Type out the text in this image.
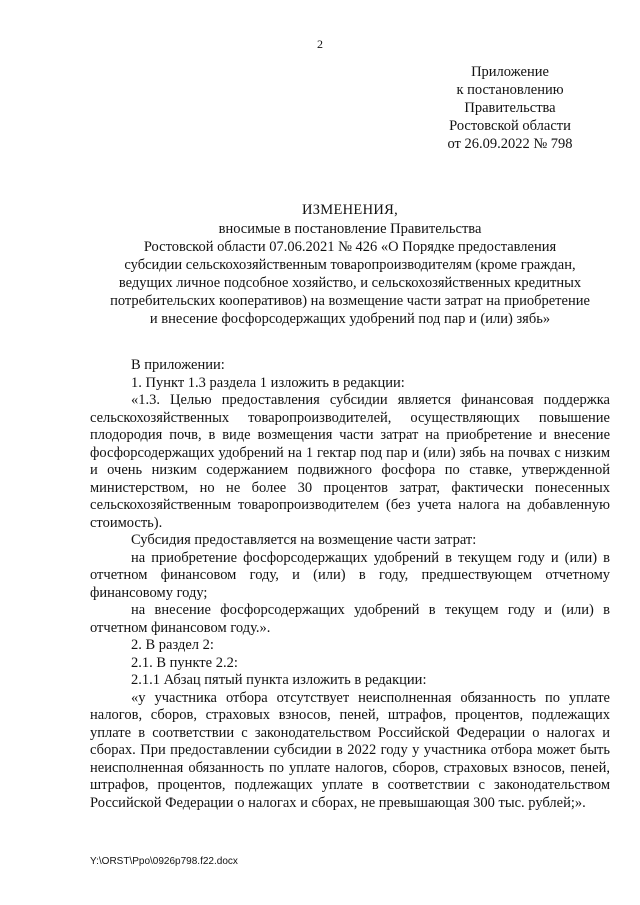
2
Приложение
к постановлению
Правительства
Ростовской области
от 26.09.2022 № 798
ИЗМЕНЕНИЯ,
вносимые в постановление Правительства
Ростовской области 07.06.2021 № 426 «О Порядке предоставления
субсидии сельскохозяйственным товаропроизводителям (кроме граждан,
ведущих личное подсобное хозяйство, и сельскохозяйственных кредитных
потребительских кооперативов) на возмещение части затрат на приобретение
и внесение фосфорсодержащих удобрений под пар и (или) зябь»

В приложении:

1. Пункт 1.3 раздела 1 изложить в редакции:

«1.3. Целью предоставления субсидии является финансовая поддержка сельскохозяйственных товаропроизводителей, осуществляющих повышение плодородия почв, в виде возмещения части затрат на приобретение и внесение фосфорсодержащих удобрений на 1 гектар под пар и (или) зябь на почвах с низким и очень низким содержанием подвижного фосфора по ставке, утвержденной министерством, но не более 30 процентов затрат, фактически понесенных сельскохозяйственным товаропроизводителем (без учета налога на добавленную стоимость).

Субсидия предоставляется на возмещение части затрат:

на приобретение фосфорсодержащих удобрений в текущем году и (или) в отчетном финансовом году, и (или) в году, предшествующем отчетному финансовому году;

на внесение фосфорсодержащих удобрений в текущем году и (или) в отчетном финансовом году.».

2. В раздел 2:

2.1. В пункте 2.2:

2.1.1 Абзац пятый пункта изложить в редакции:

«у участника отбора отсутствует неисполненная обязанность по уплате налогов, сборов, страховых взносов, пеней, штрафов, процентов, подлежащих уплате в соответствии с законодательством Российской Федерации о налогах и сборах. При предоставлении субсидии в 2022 году у участника отбора может быть неисполненная обязанность по уплате налогов, сборов, страховых взносов, пеней, штрафов, процентов, подлежащих уплате в соответствии с законодательством Российской Федерации о налогах и сборах, не превышающая 300 тыс. рублей;».

Y:\ORST\Ppo\0926p798.f22.docx
